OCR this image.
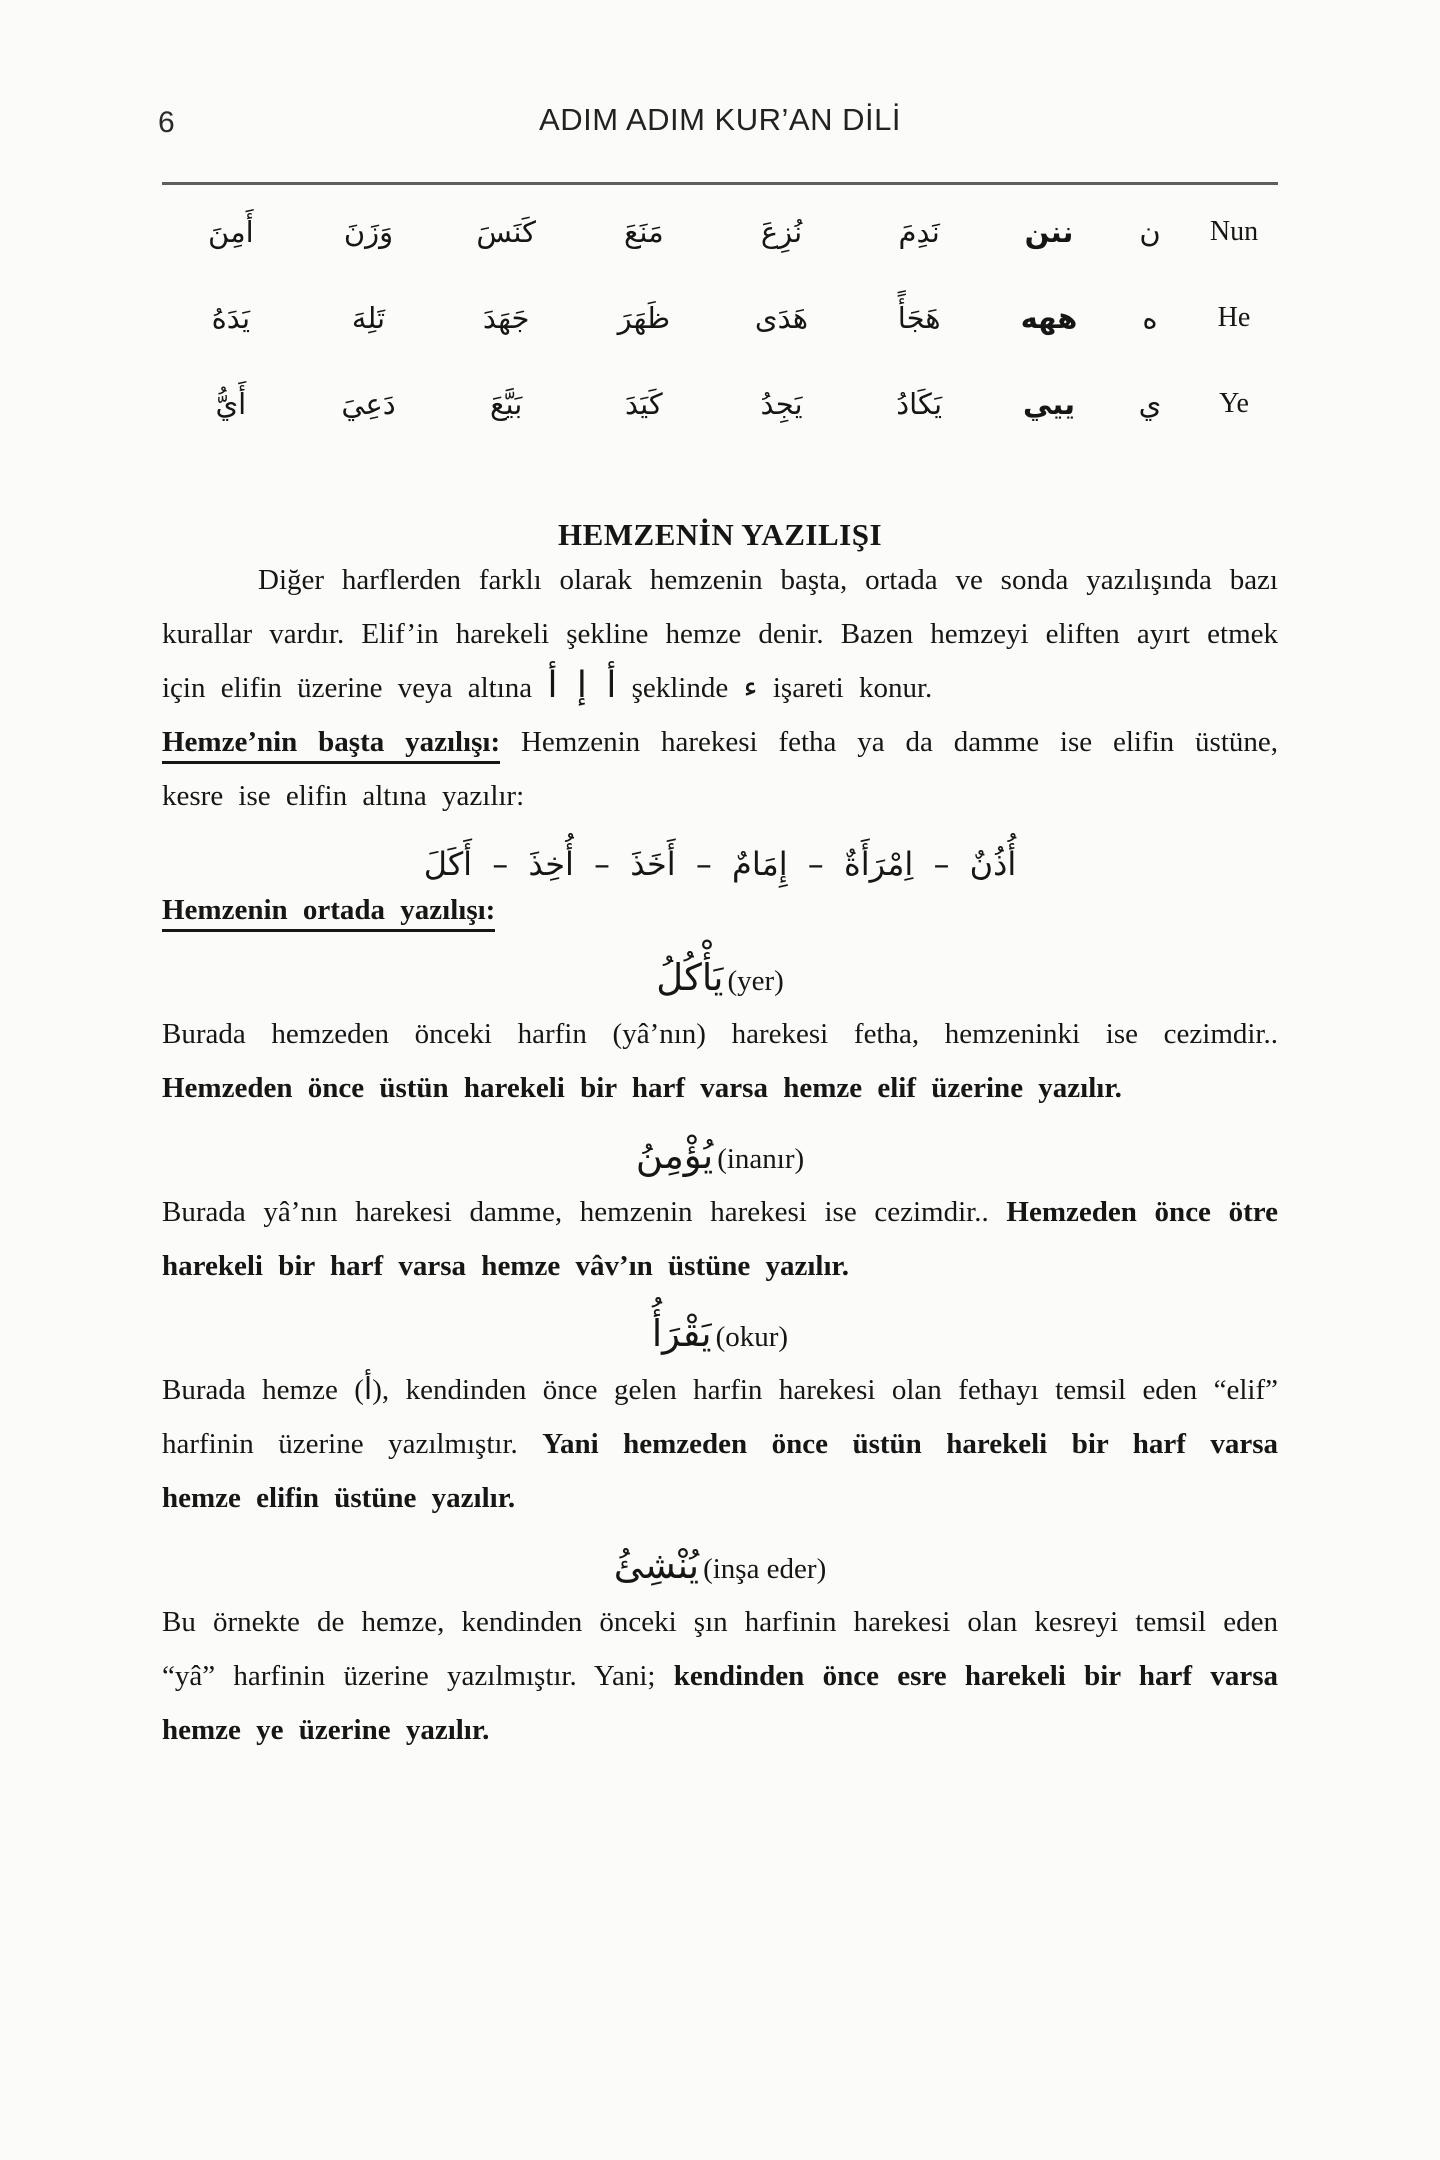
6	ADIM ADIM KUR’AN DİLİ
Nun
ن
ننن
نَدِمَ
نُزِعَ
مَنَعَ
كَنَسَ
وَزَنَ
أَمِنَ
He
ه
ههه
هَجَأً
هَدَى
ظَهَرَ
جَهَدَ
تَلِهَ
يَدَهُ
Ye
ي
ييي
يَكَادُ
يَجِدُ
كَيَدَ
بَيَّعَ
دَعِيَ
أَيُّ
HEMZENİN YAZILIŞI

Diğer harflerden farklı olarak hemzenin başta, ortada ve sonda yazılışında bazı kurallar vardır. Elif’in harekeli şekline hemze denir. Bazen hemzeyi eliften ayırt etmek için elifin üzerine veya altına أ إ أ şeklinde ء işareti konur.

Hemze’nin başta yazılışı: Hemzenin harekesi fetha ya da damme ise elifin üstüne, kesre ise elifin altına yazılır:

أُذُنٌ – اِمْرَأَةٌ – إِمَامٌ – أَخَذَ – أُخِذَ – أَكَلَ

Hemzenin ortada yazılışı:

يَأْكُلُ (yer)

Burada hemzeden önceki harfin (yâ’nın) harekesi fetha, hemzeninki ise cezimdir.. Hemzeden önce üstün harekeli bir harf varsa hemze elif üzerine yazılır.

يُؤْمِنُ (inanır)

Burada yâ’nın harekesi damme, hemzenin harekesi ise cezimdir.. Hemzeden önce ötre harekeli bir harf varsa hemze vâv’ın üstüne yazılır.

يَقْرَأُ (okur)

Burada hemze (أ), kendinden önce gelen harfin harekesi olan fethayı temsil eden “elif” harfinin üzerine yazılmıştır. Yani hemzeden önce üstün harekeli bir harf varsa hemze elifin üstüne yazılır.

يُنْشِئُ (inşa eder)

Bu örnekte de hemze, kendinden önceki şın harfinin harekesi olan kesreyi temsil eden “yâ” harfinin üzerine yazılmıştır. Yani; kendinden önce esre harekeli bir harf varsa hemze ye üzerine yazılır.
